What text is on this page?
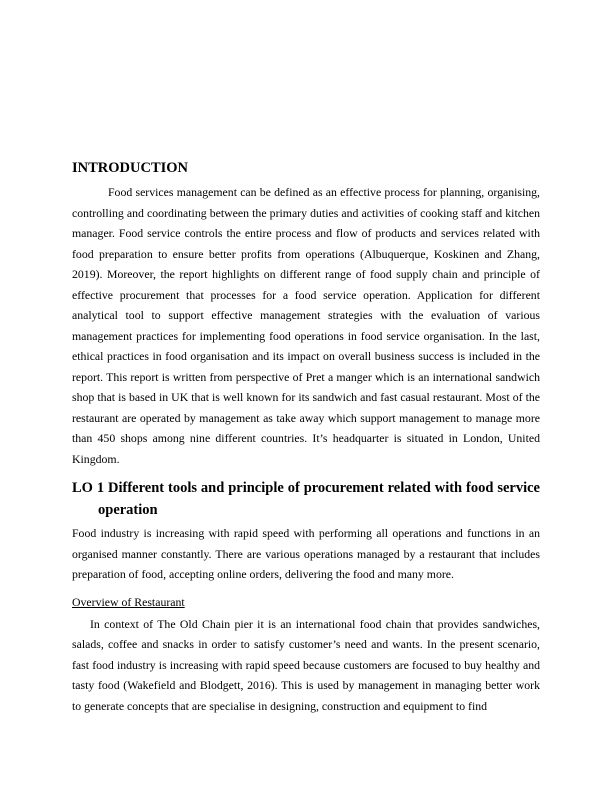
INTRODUCTION

Food services management can be defined as an effective process for planning, organising, controlling and coordinating between the primary duties and activities of cooking staff and kitchen manager. Food service controls the entire process and flow of products and services related with food preparation to ensure better profits from operations (Albuquerque, Koskinen and Zhang, 2019). Moreover, the report highlights on different range of food supply chain and principle of effective procurement that processes for a food service operation. Application for different analytical tool to support effective management strategies with the evaluation of various management practices for implementing food operations in food service organisation. In the last, ethical practices in food organisation and its impact on overall business success is included in the report. This report is written from perspective of Pret a manger which is an international sandwich shop that is based in UK that is well known for its sandwich and fast casual restaurant. Most of the restaurant are operated by management as take away which support management to manage more than 450 shops among nine different countries. It’s headquarter is situated in London, United Kingdom.

LO 1 Different tools and principle of procurement related with food service operation

Food industry is increasing with rapid speed with performing all operations and functions in an organised manner constantly. There are various operations managed by a restaurant that includes preparation of food, accepting online orders, delivering the food and many more.

Overview of Restaurant

In context of The Old Chain pier it is an international food chain that provides sandwiches, salads, coffee and snacks in order to satisfy customer’s need and wants. In the present scenario, fast food industry is increasing with rapid speed because customers are focused to buy healthy and tasty food (Wakefield and Blodgett, 2016). This is used by management in managing better work to generate concepts that are specialise in designing, construction and equipment to find
